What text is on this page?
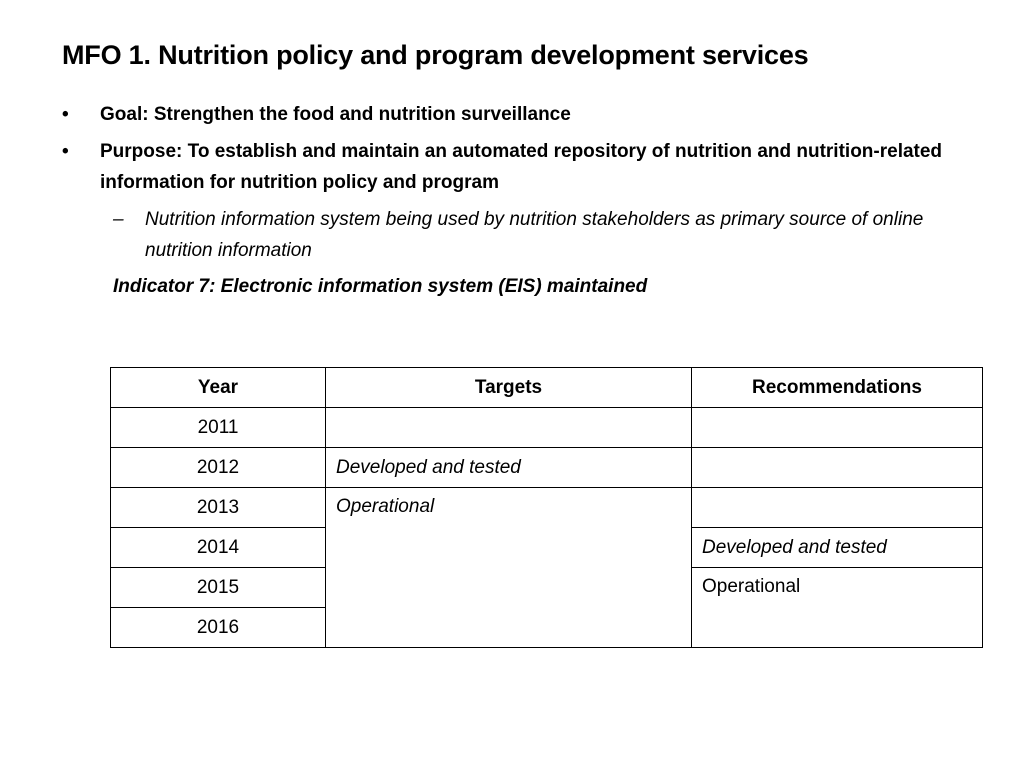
MFO 1. Nutrition policy and program development services
•	Goal: Strengthen the food and nutrition surveillance
•	Purpose: To establish and maintain an automated repository of nutrition and nutrition-related information for nutrition policy and program
– Nutrition information system being used by nutrition stakeholders as primary source of online nutrition information
Indicator 7: Electronic information system (EIS) maintained
Year	Targets	Recommendations
2011		
2012	Developed and tested	
2013	Operational	
2014		Developed and tested
2015		Operational
2016		
